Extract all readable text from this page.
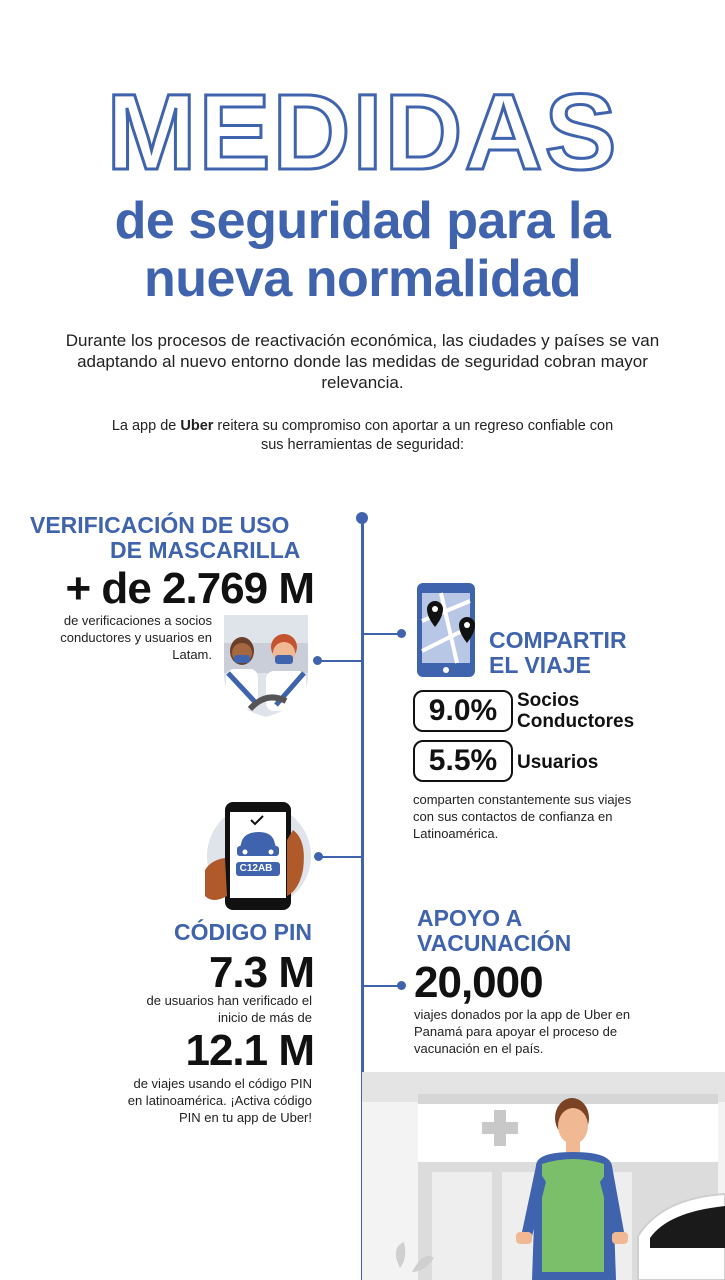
MEDIDAS
de seguridad para la
nueva normalidad
Durante los procesos de reactivación económica, las ciudades y países se van adaptando al nuevo entorno donde las medidas de seguridad cobran mayor relevancia.
La app de Uber reitera su compromiso con aportar a un regreso confiable con sus herramientas de seguridad:
VERIFICACIÓN DE USO
DE MASCARILLA
+ de 2.769 M
de verificaciones a socios conductores y usuarios en Latam.
COMPARTIR
EL VIAJE
9.0%	Socios
Conductores
5.5%	Usuarios
comparten constantemente sus viajes con sus contactos de confianza en Latinoamérica.
C12AB
CÓDIGO PIN
7.3 M
de usuarios han verificado el inicio de más de
12.1 M
de viajes usando el código PIN en latinoamérica. ¡Activa código PIN en tu app de Uber!
APOYO A
VACUNACIÓN
20,000
viajes donados por la app de Uber en Panamá para apoyar el proceso de vacunación en el país.
